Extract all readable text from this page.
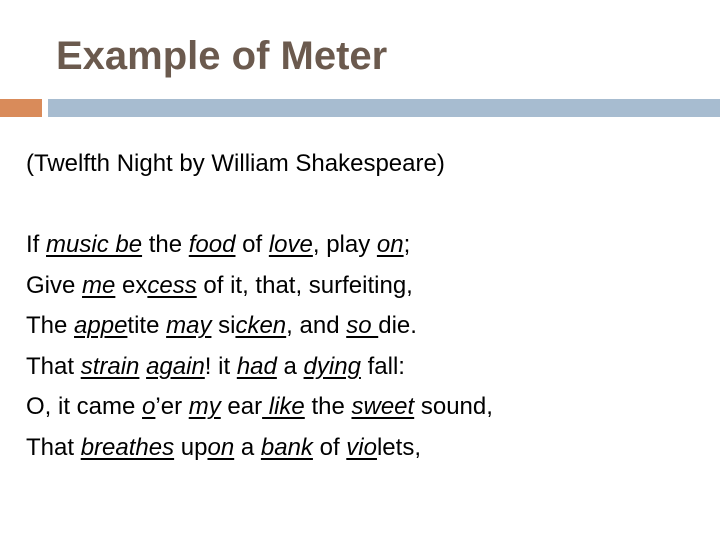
Example of Meter
(Twelfth Night by William Shakespeare)
If music be the food of love, play on;
Give me excess of it, that, surfeiting,
The appetite may sicken, and so die.
That strain again! it had a dying fall:
O, it came o’er my ear like the sweet sound,
That breathes upon a bank of violets,
